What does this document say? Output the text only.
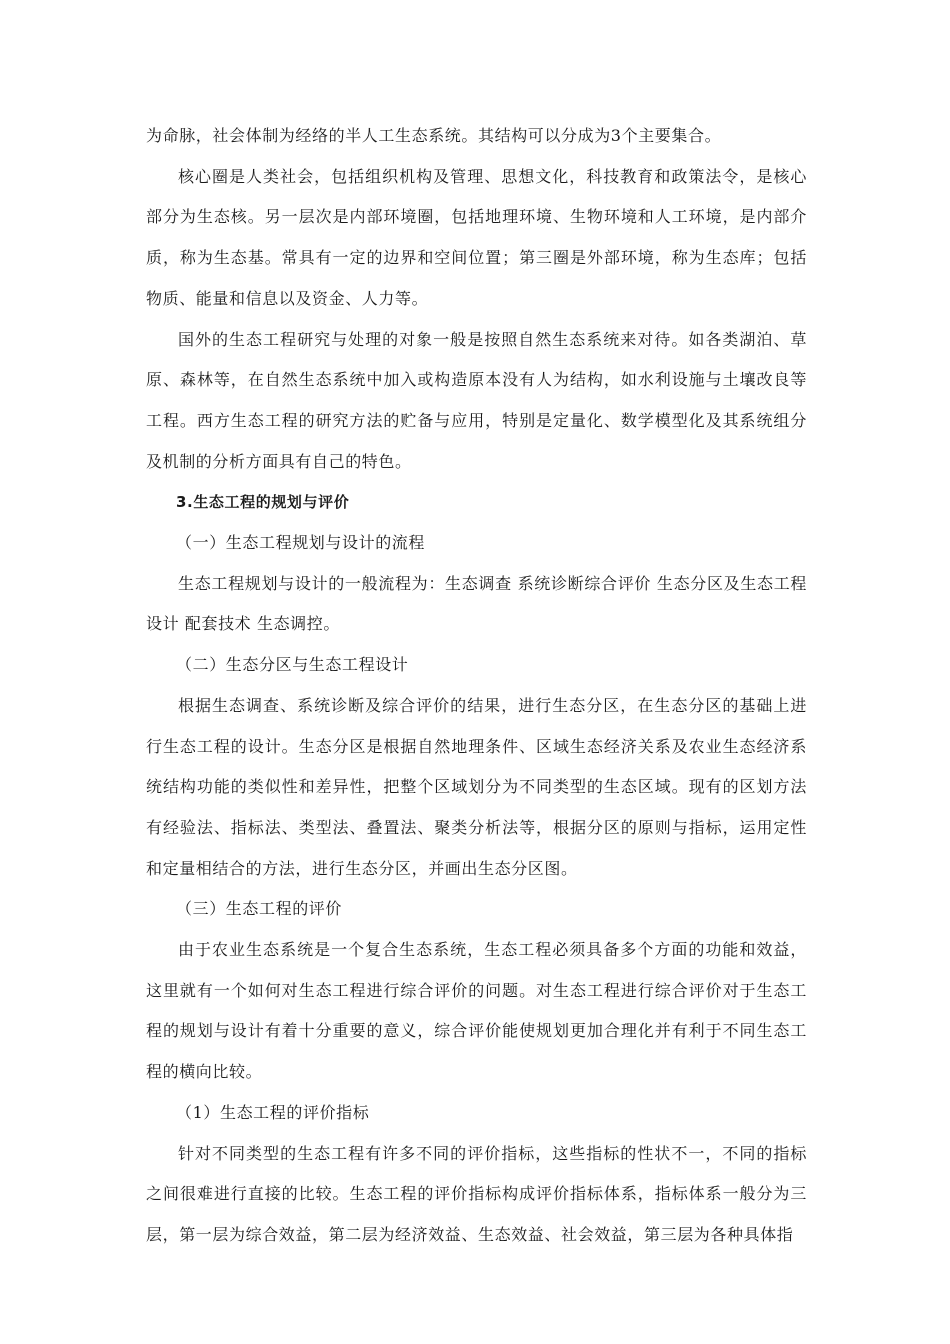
为命脉，社会体制为经络的半人工生态系统。其结构可以分成为3个主要集合。

核心圈是人类社会，包括组织机构及管理、思想文化，科技教育和政策法令，是核心部分为生态核。另一层次是内部环境圈，包括地理环境、生物环境和人工环境，是内部介质，称为生态基。常具有一定的边界和空间位置；第三圈是外部环境，称为生态库；包括物质、能量和信息以及资金、人力等。

国外的生态工程研究与处理的对象一般是按照自然生态系统来对待。如各类湖泊、草原、森林等，在自然生态系统中加入或构造原本没有人为结构，如水利设施与土壤改良等工程。西方生态工程的研究方法的贮备与应用，特别是定量化、数学模型化及其系统组分及机制的分析方面具有自己的特色。

3.生态工程的规划与评价

（一）生态工程规划与设计的流程

生态工程规划与设计的一般流程为：生态调查 系统诊断综合评价 生态分区及生态工程设计 配套技术 生态调控。

（二）生态分区与生态工程设计

根据生态调查、系统诊断及综合评价的结果，进行生态分区，在生态分区的基础上进行生态工程的设计。生态分区是根据自然地理条件、区域生态经济关系及农业生态经济系统结构功能的类似性和差异性，把整个区域划分为不同类型的生态区域。现有的区划方法有经验法、指标法、类型法、叠置法、聚类分析法等，根据分区的原则与指标，运用定性和定量相结合的方法，进行生态分区，并画出生态分区图。

（三）生态工程的评价

由于农业生态系统是一个复合生态系统，生态工程必须具备多个方面的功能和效益，这里就有一个如何对生态工程进行综合评价的问题。对生态工程进行综合评价对于生态工程的规划与设计有着十分重要的意义，综合评价能使规划更加合理化并有利于不同生态工程的横向比较。

（1）生态工程的评价指标

针对不同类型的生态工程有许多不同的评价指标，这些指标的性状不一，不同的指标之间很难进行直接的比较。生态工程的评价指标构成评价指标体系，指标体系一般分为三层，第一层为综合效益，第二层为经济效益、生态效益、社会效益，第三层为各种具体指
